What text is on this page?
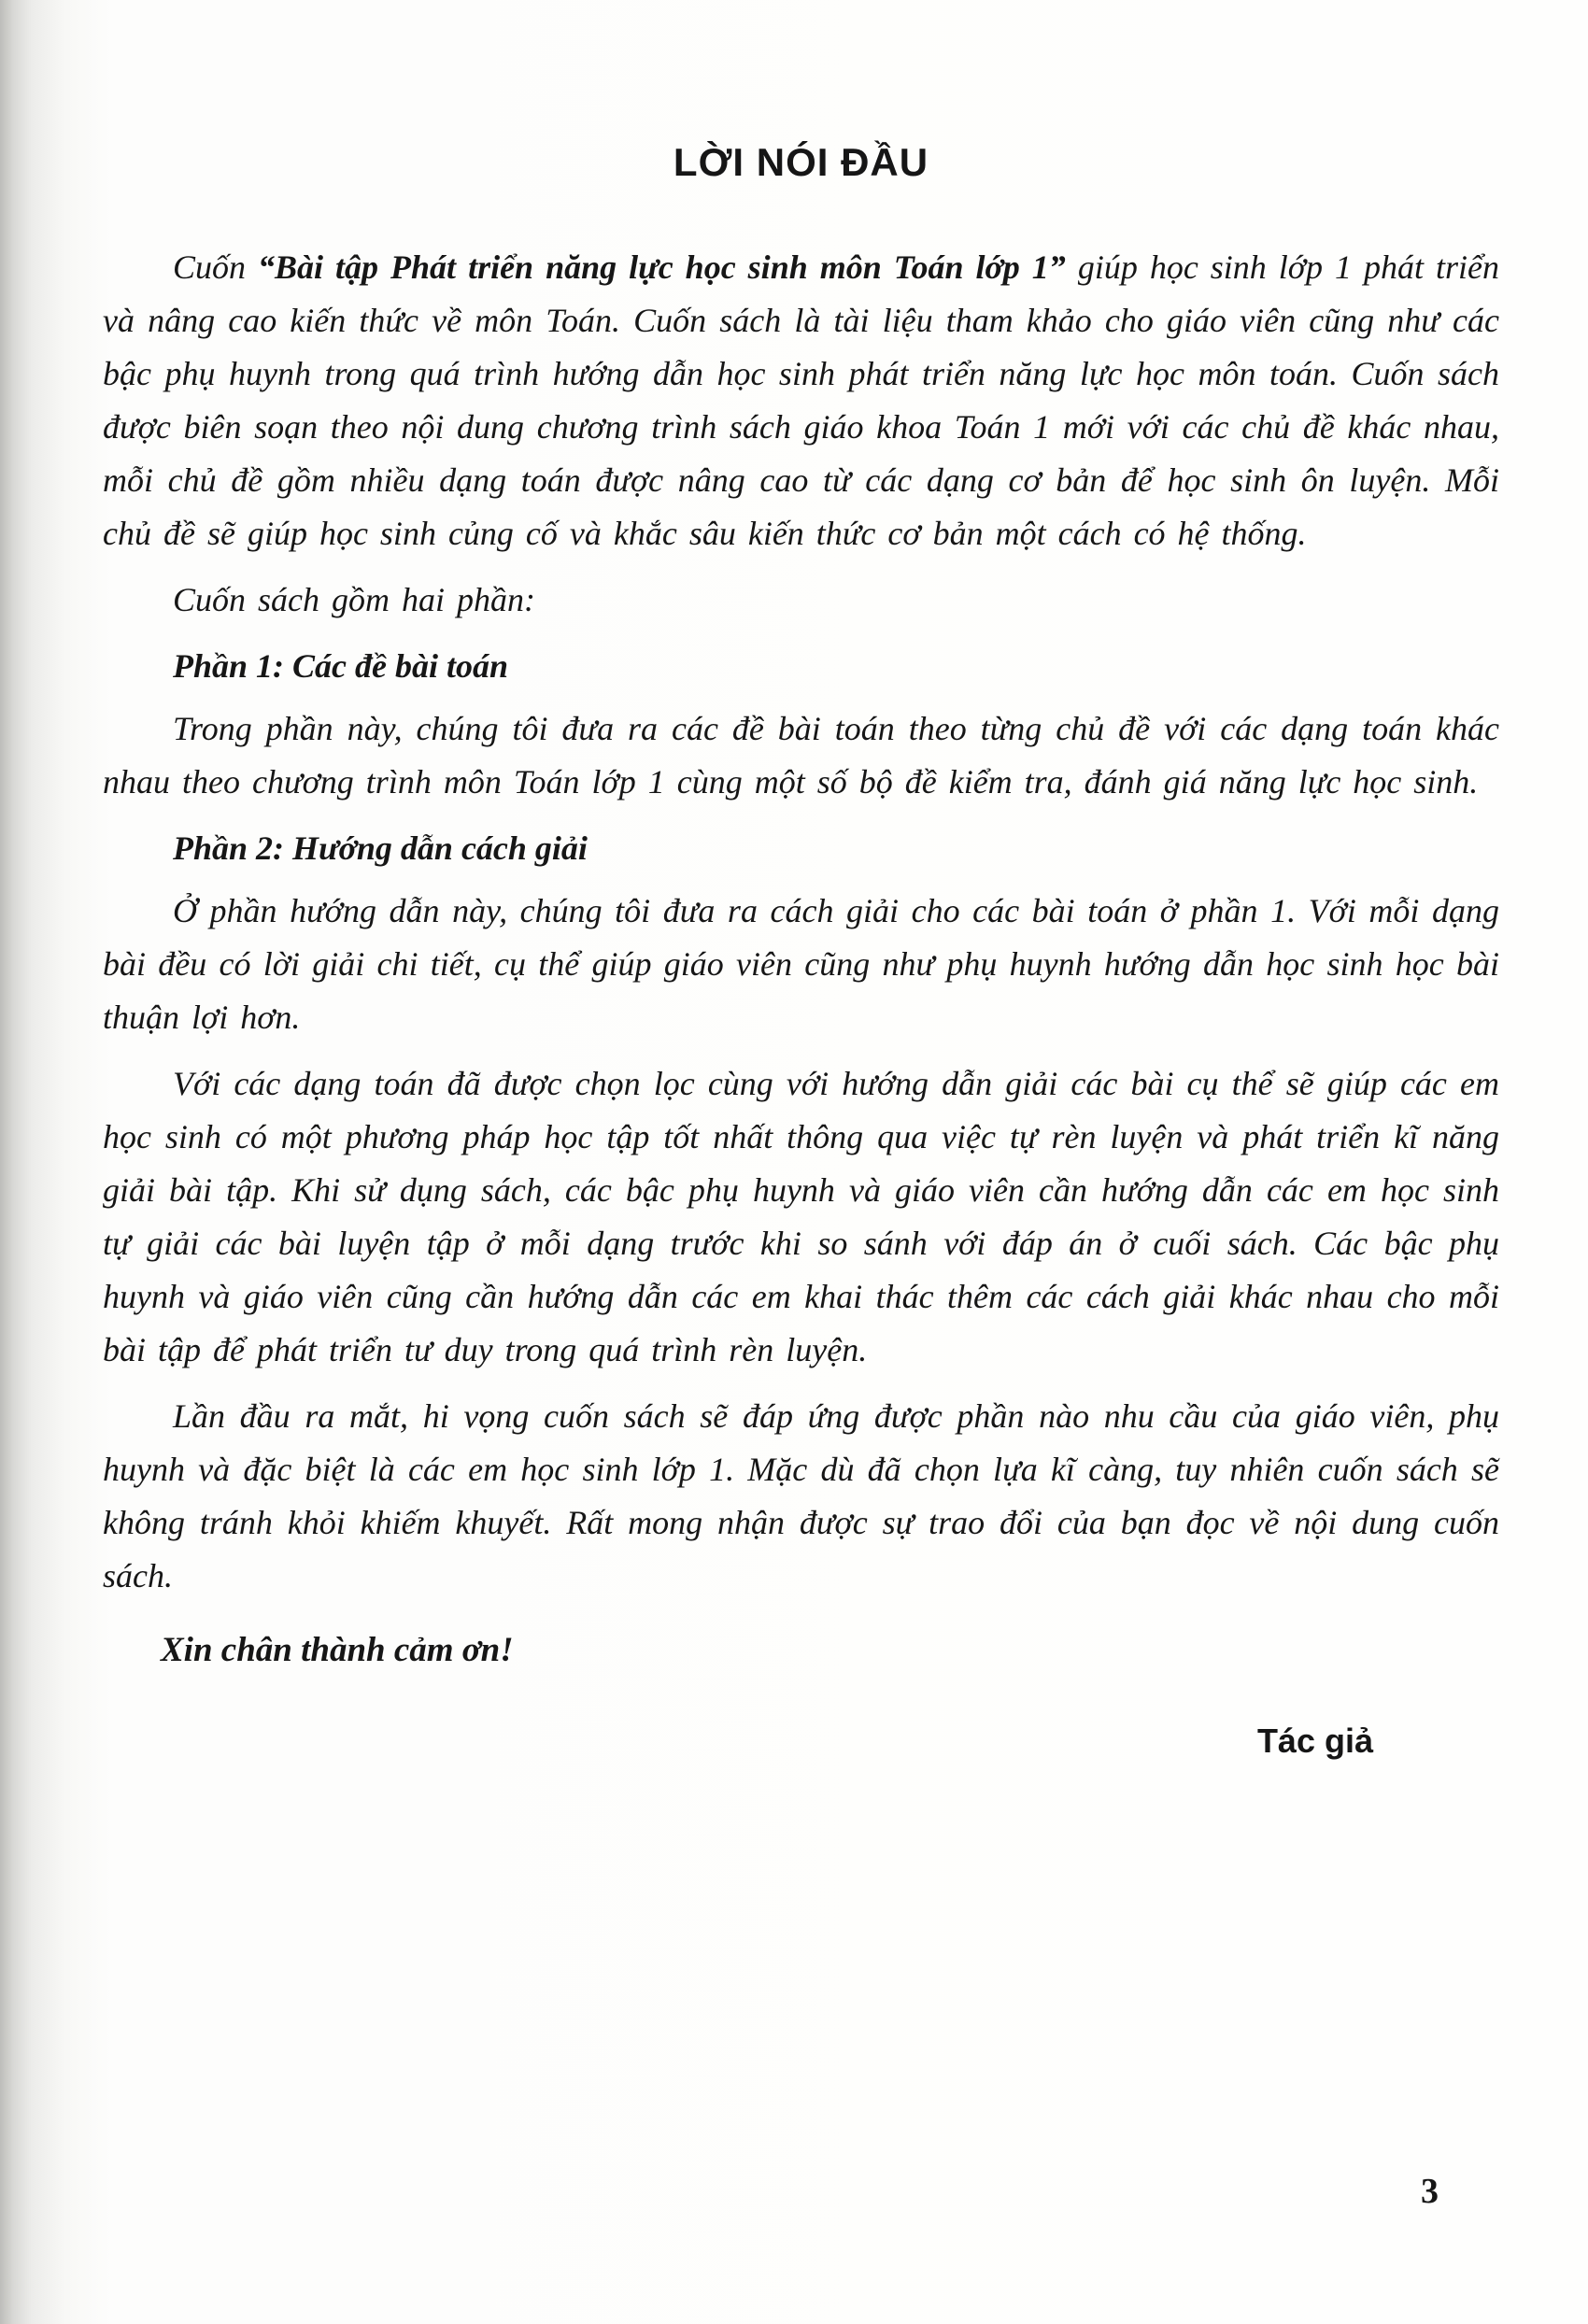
LỜI NÓI ĐẦU

Cuốn “Bài tập Phát triển năng lực học sinh môn Toán lớp 1” giúp học sinh lớp 1 phát triển và nâng cao kiến thức về môn Toán. Cuốn sách là tài liệu tham khảo cho giáo viên cũng như các bậc phụ huynh trong quá trình hướng dẫn học sinh phát triển năng lực học môn toán. Cuốn sách được biên soạn theo nội dung chương trình sách giáo khoa Toán 1 mới với các chủ đề khác nhau, mỗi chủ đề gồm nhiều dạng toán được nâng cao từ các dạng cơ bản để học sinh ôn luyện. Mỗi chủ đề sẽ giúp học sinh củng cố và khắc sâu kiến thức cơ bản một cách có hệ thống.

Cuốn sách gồm hai phần:

Phần 1: Các đề bài toán

Trong phần này, chúng tôi đưa ra các đề bài toán theo từng chủ đề với các dạng toán khác nhau theo chương trình môn Toán lớp 1 cùng một số bộ đề kiểm tra, đánh giá năng lực học sinh.

Phần 2: Hướng dẫn cách giải

Ở phần hướng dẫn này, chúng tôi đưa ra cách giải cho các bài toán ở phần 1. Với mỗi dạng bài đều có lời giải chi tiết, cụ thể giúp giáo viên cũng như phụ huynh hướng dẫn học sinh học bài thuận lợi hơn.

Với các dạng toán đã được chọn lọc cùng với hướng dẫn giải các bài cụ thể sẽ giúp các em học sinh có một phương pháp học tập tốt nhất thông qua việc tự rèn luyện và phát triển kĩ năng giải bài tập. Khi sử dụng sách, các bậc phụ huynh và giáo viên cần hướng dẫn các em học sinh tự giải các bài luyện tập ở mỗi dạng trước khi so sánh với đáp án ở cuối sách. Các bậc phụ huynh và giáo viên cũng cần hướng dẫn các em khai thác thêm các cách giải khác nhau cho mỗi bài tập để phát triển tư duy trong quá trình rèn luyện.

Lần đầu ra mắt, hi vọng cuốn sách sẽ đáp ứng được phần nào nhu cầu của giáo viên, phụ huynh và đặc biệt là các em học sinh lớp 1. Mặc dù đã chọn lựa kĩ càng, tuy nhiên cuốn sách sẽ không tránh khỏi khiếm khuyết. Rất mong nhận được sự trao đổi của bạn đọc về nội dung cuốn sách.

Xin chân thành cảm ơn!
Tác giả
3
